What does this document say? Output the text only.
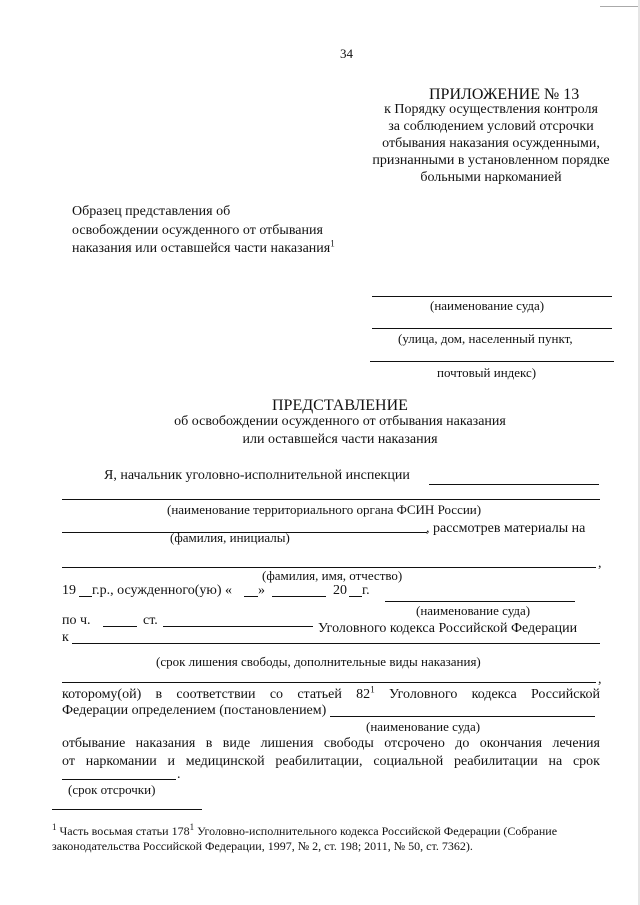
34
ПРИЛОЖЕНИЕ № 13
к Порядку осуществления контроля
за соблюдением условий отсрочки
отбывания наказания осужденными,
признанными в установленном порядке
больными наркоманией
Образец представления об
освобождении осужденного от отбывания
наказания или оставшейся части наказания$^1$
(наименование суда)
(улица, дом, населенный пункт,
почтовый индекс)
ПРЕДСТАВЛЕНИЕ
об освобождении осужденного от отбывания наказания
или оставшейся части наказания
Я, начальник уголовно-исполнительной инспекции
(наименование территориального органа ФСИН России)
, рассмотрев материалы на
(фамилия, инициалы)
,
(фамилия, имя, отчество)
19 г.р., осужденного(ую) « »	20 г.
(наименование суда)
по ч.	ст.
Уголовного кодекса Российской Федерации
к
(срок лишения свободы, дополнительные виды наказания)
,
которому(ой) в соответствии со статьей $82^1$ Уголовного кодекса Российской
Федерации определением (постановлением)
(наименование суда)
отбывание наказания в виде лишения свободы отсрочено до окончания лечения
от наркомании и медицинской реабилитации, социальной реабилитации на срок
.
(срок отсрочки)
$^1$ Часть восьмая статьи $178^1$ Уголовно-исполнительного кодекса Российской Федерации (Собрание
законодательства Российской Федерации, 1997, № 2, ст. 198; 2011, № 50, ст. 7362).
